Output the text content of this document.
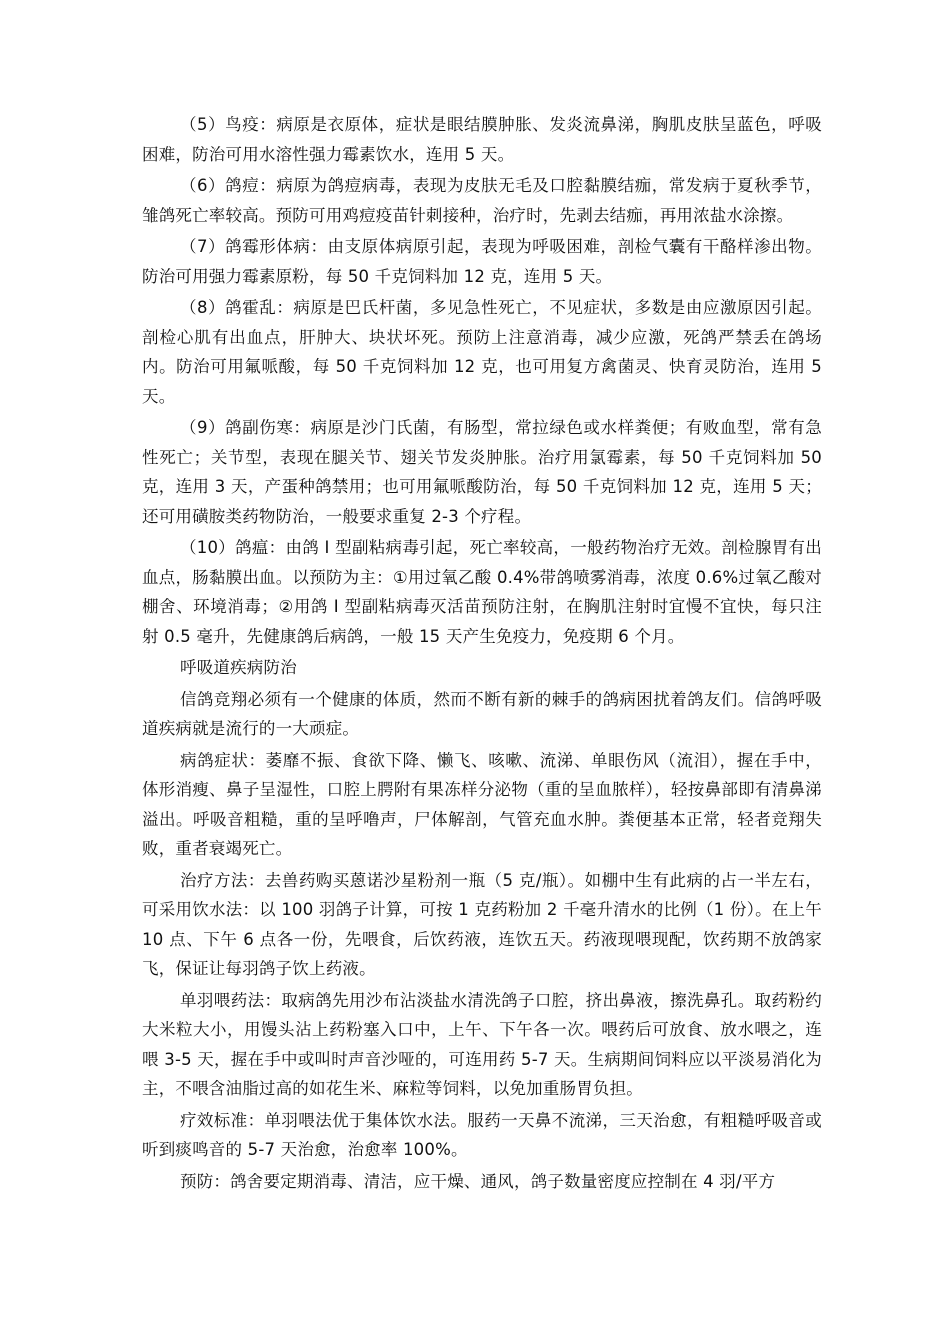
（5）鸟疫：病原是衣原体，症状是眼结膜肿胀、发炎流鼻涕，胸肌皮肤呈蓝色，呼吸困难，防治可用水溶性强力霉素饮水，连用 5 天。

（6）鸽痘：病原为鸽痘病毒，表现为皮肤无毛及口腔黏膜结痂，常发病于夏秋季节，雏鸽死亡率较高。预防可用鸡痘疫苗针刺接种，治疗时，先剥去结痂，再用浓盐水涂擦。

（7）鸽霉形体病：由支原体病原引起，表现为呼吸困难，剖检气囊有干酪样渗出物。防治可用强力霉素原粉，每 50 千克饲料加 12 克，连用 5 天。

（8）鸽霍乱：病原是巴氏杆菌，多见急性死亡，不见症状，多数是由应激原因引起。剖检心肌有出血点，肝肿大、块状坏死。预防上注意消毒，减少应激，死鸽严禁丢在鸽场内。防治可用氟哌酸，每 50 千克饲料加 12 克，也可用复方禽菌灵、快育灵防治，连用 5 天。

（9）鸽副伤寒：病原是沙门氏菌，有肠型，常拉绿色或水样粪便；有败血型，常有急性死亡；关节型，表现在腿关节、翅关节发炎肿胀。治疗用氯霉素，每 50 千克饲料加 50 克，连用 3 天，产蛋种鸽禁用；也可用氟哌酸防治，每 50 千克饲料加 12 克，连用 5 天；还可用磺胺类药物防治，一般要求重复 2-3 个疗程。

（10）鸽瘟：由鸽 I 型副粘病毒引起，死亡率较高，一般药物治疗无效。剖检腺胃有出血点，肠黏膜出血。以预防为主：①用过氧乙酸 0.4%带鸽喷雾消毒，浓度 0.6%过氧乙酸对棚舍、环境消毒；②用鸽 I 型副粘病毒灭活苗预防注射，在胸肌注射时宜慢不宜快，每只注射 0.5 毫升，先健康鸽后病鸽，一般 15 天产生免疫力，免疫期 6 个月。

呼吸道疾病防治

信鸽竞翔必须有一个健康的体质，然而不断有新的棘手的鸽病困扰着鸽友们。信鸽呼吸道疾病就是流行的一大顽症。

病鸽症状：萎靡不振、食欲下降、懒飞、咳嗽、流涕、单眼伤风（流泪），握在手中，体形消瘦、鼻子呈湿性，口腔上腭附有果冻样分泌物（重的呈血脓样），轻按鼻部即有清鼻涕溢出。呼吸音粗糙，重的呈呼噜声，尸体解剖，气管充血水肿。粪便基本正常，轻者竞翔失败，重者衰竭死亡。

治疗方法：去兽药购买蒽诺沙星粉剂一瓶（5 克/瓶）。如棚中生有此病的占一半左右，可采用饮水法：以 100 羽鸽子计算，可按 1 克药粉加 2 千毫升清水的比例（1 份）。在上午 10 点、下午 6 点各一份，先喂食，后饮药液，连饮五天。药液现喂现配，饮药期不放鸽家飞，保证让每羽鸽子饮上药液。

单羽喂药法：取病鸽先用沙布沾淡盐水清洗鸽子口腔，挤出鼻液，擦洗鼻孔。取药粉约大米粒大小，用馒头沾上药粉塞入口中，上午、下午各一次。喂药后可放食、放水喂之，连喂 3-5 天，握在手中或叫时声音沙哑的，可连用药 5-7 天。生病期间饲料应以平淡易消化为主，不喂含油脂过高的如花生米、麻粒等饲料，以免加重肠胃负担。

疗效标准：单羽喂法优于集体饮水法。服药一天鼻不流涕，三天治愈，有粗糙呼吸音或听到痰鸣音的 5-7 天治愈，治愈率 100%。

预防：鸽舍要定期消毒、清洁，应干燥、通风，鸽子数量密度应控制在 4 羽/平方
